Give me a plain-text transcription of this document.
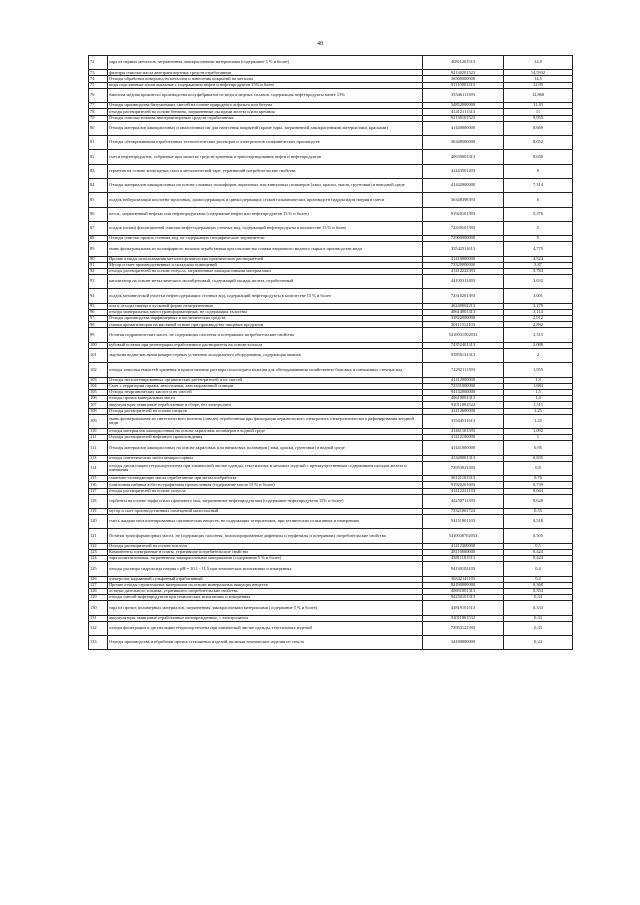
48
72	тара из черных металлов, загрязненная лакокрасочными материалами (содержание 5 % и более)	46811201513	14,8
73	фильтры очистки масла автотранспортных средств отработанные	92130201523	14,5932
74	Отходы обработки поверхности металлов и нанесения покрытий на металлы	36500000000	14,5
75	воды подсланевые и/или льяльные с содержанием нефти и нефтепродуктов 15% и более	91110001313	12,95
76	бакелиза медная прожитого производства полуфабрикатов из меди и медных сплавов, содержащая нефтепродукты менее 15%	35546111393	12,868
77	Отходы производства битумоемких смесей на основе природного асфальта или битума	34852000000	11,33
78	отходы растворителей на основе бензина, загрязненные оксидами железа и/или кремния	41412111313	11
79	Отходы очистки топлива автотранспортных средств отработанные	92130101523	9,955
80	Отходы материалов лакокрасочных и аналогичных им для нанесения покрытий (кроме тары, загрязненной лакокрасочными материалами, красками)	41440000000	8,669
81	Отходы обезвреживания отработанных технологических растворов и электролитов гальванических производств	36348500000	8,652
82	смеси нефтепродуктов, собранные при зачистке средств хранения и транспортирования нефти и нефтепродуктов	40639001313	8,658
83	герметик на основе эпоксидных смол в металлической таре, утративший потребительские свойства	41443501203	8
84	Отходы материалов лакокрасочных на основе сложных полиэфиров, акриловых или виниловых полимеров (лаки, краски, эмали, грунтовки) в неводной среде	41442000000	7,314
85	осадок нейтрализации кислотно-щелочных, хромсодержащих и цинксодержащих стоков гальванических производств гидроксидом натрия в смеси	36348398393	6
86	песок, загрязненный нефтью или нефтепродуктами (содержание нефти или нефтепродуктов 15 % и более)	91920101393	5,376
87	осадок (шлам) флотационной очистки нефтесодержащих сточных вод, содержащий нефтепродукты в количестве 15 % и более	72330101393	5
88	Отходы очистки прочих сточных вод, не содержащих специфические загрязнители	72900000000	5
89	ткань фильтровальная из полиэфирного волокна отработанная при газоочистке плавки вторичного медного сырья в производстве меди	35542511613	4,775
90	Прочие отходы использования металлоорганических органических растворителей	41419000000	4,524
91	Мусор и смет производственных и складских помещений	73320000000	3,87
92	отходы растворителей на основе толуола, загрязненные лакокрасочными материалами	41412222393	3,784
93	катализатор на основе металлического молибденовый, содержащий оксиды железа, отработанный	44100313493	3,632
94	осадок механической очистки нефтесодержащих сточных вод, содержащий нефтепродукты в количестве 15 % и более	72310201393	3,601
95	лом и отходы свинца в кусковой форме незагрязненные	46240002213	3,179
96	отходы минеральных масел трансформаторных, не содержащих галогены	40614001313	3,114
97	Отходы производства парфюмерных и косметических средств	31822000000	2,912
98	смазки ароматизаторов на масляной основе при производстве пищевых продуктов	30111512103	2,882
99	Остатки гидравлических масел, не содержащих галогены и потерявших потребительские свойства	5410031502033	2,315
100	кубовый остаток при регенерации отработанного растворителя на основе ксилола	74352401313	2,088
101	эмульсия водно-масляная компрессорных установок холодильного оборудования, содержащая аммиак	91850131313	2
102	отходы зачистки емкостей хранения и приготовления раствора гипохлорита кальция для обеззараживания хозяйственно-бытовых и смешанных сточных вод	72292111393	1,955
103	Отходы негалогенированных органических растворителей и их смесей	41412000000	1,8
104	Смет с территории гаража, автостоянки, автозаправочной станции	73331000000	1,684
105	Отходы неорганических кислот и их смесей	94132000000	1,5
106	отходы прочих минеральных масел	40619001313	1,4
107	аккумуляторы свинцовые отработанные в сборе, без электролита	92011002522	1,315
108	Отходы растворителей на основе спиртов	41412600000	1,25
109	ткань фильтровальная из синтетического волокна (лавсан) отработанная при фильтрации керамического электролита электролитического рафинирования анодной меди	35544531613	1,25
110	отходы материалов лакокрасочных на основе акриловых полимеров в водной среде	41461101393	1,092
111	Отходы растворителей нефтяного происхождения	41412100000	1
112	Отходы материалов лакокрасочных на основе акриловых или виниловых полимеров (лаки, краски, грунтовки) в водной среде	41441000000	0,95
113	отходы синтетических масел компрессорных	41340001313	0,835
114	отходы дистилляции тетрахлорэтилена при химической чистке одежды, текстильных и меховых изделий с преимущественным содержанием оксидов железа и алюминия	73953021303	0,8
115	смазочно-охлаждающие масла отработанные при металлообработке	36121101313	0,76
116	(опилочная набивка асбесто-графитовая промасленная (содержание масла 15 % и более)	91920201603	0,739
117	отходы растворителей на основе толуола	41412221103	0,664
118	сорбенты на основе торфа и/или сфагнового мха, загрязненные нефтепродуктами (содержание нефтепродуктов 15% и более)	44250711393	0,628
119	мусор и смет производственных помещений малоопасный	73321001724	0,55
120	смесь жидких негалогенированных органических веществ, не содержащих гетероатомов, при технических испытаниях и измерениях	94151901103	0,518
121	Остатки трансформаторных масел, не содержащих галогены, полихлорированные дифенилы и терфенилы и потерявших потребительские свойства	5410030702033	0,505
122	Отходы растворителей на основе ксилола	41412300000	0,5
123	Компоненты электронные и платы, утратившие потребительские свойства	48110000000	0,424
124	тара полиэтиленовая, загрязненная лакокрасочными материалами (содержание 5 % и более)	43811101513	0,424
125	отходы раствора гидроксида натрия с рН = 10,1 - 11,5 при технических испытаниях и измерениях	94130102103	0,4
126	электролит кадмиевый сульфатный отработанный	36342141103	0,4
127	Прочие отходы строительных материалов на основе минеральных вяжущих веществ	82490000000	0,368
128	остатки дизельного топлива, утратившего потребительские свойства	40691001313	0,354
129	отходы смесей нефтепродуктов при технических испытаниях и измерениях	94250101313	0,34
130	тара из прочих полимерных материалов, загрязненная лакокрасочными материалами (содержание 5 % и более)	43819101513	0,333
131	аккумуляторы свинцовые отработанные неповрежденные, с электролитом	92011001532	0,33
132	отходы фильтрации и дистилляции тетрахлорэтилена при химической чистке одежды, текстильных изделий	73953121393	0,33
133	Отходы производства и обработки прочих стеклянных изделий, включая технические изделия из стекла	34180000000	0,24
